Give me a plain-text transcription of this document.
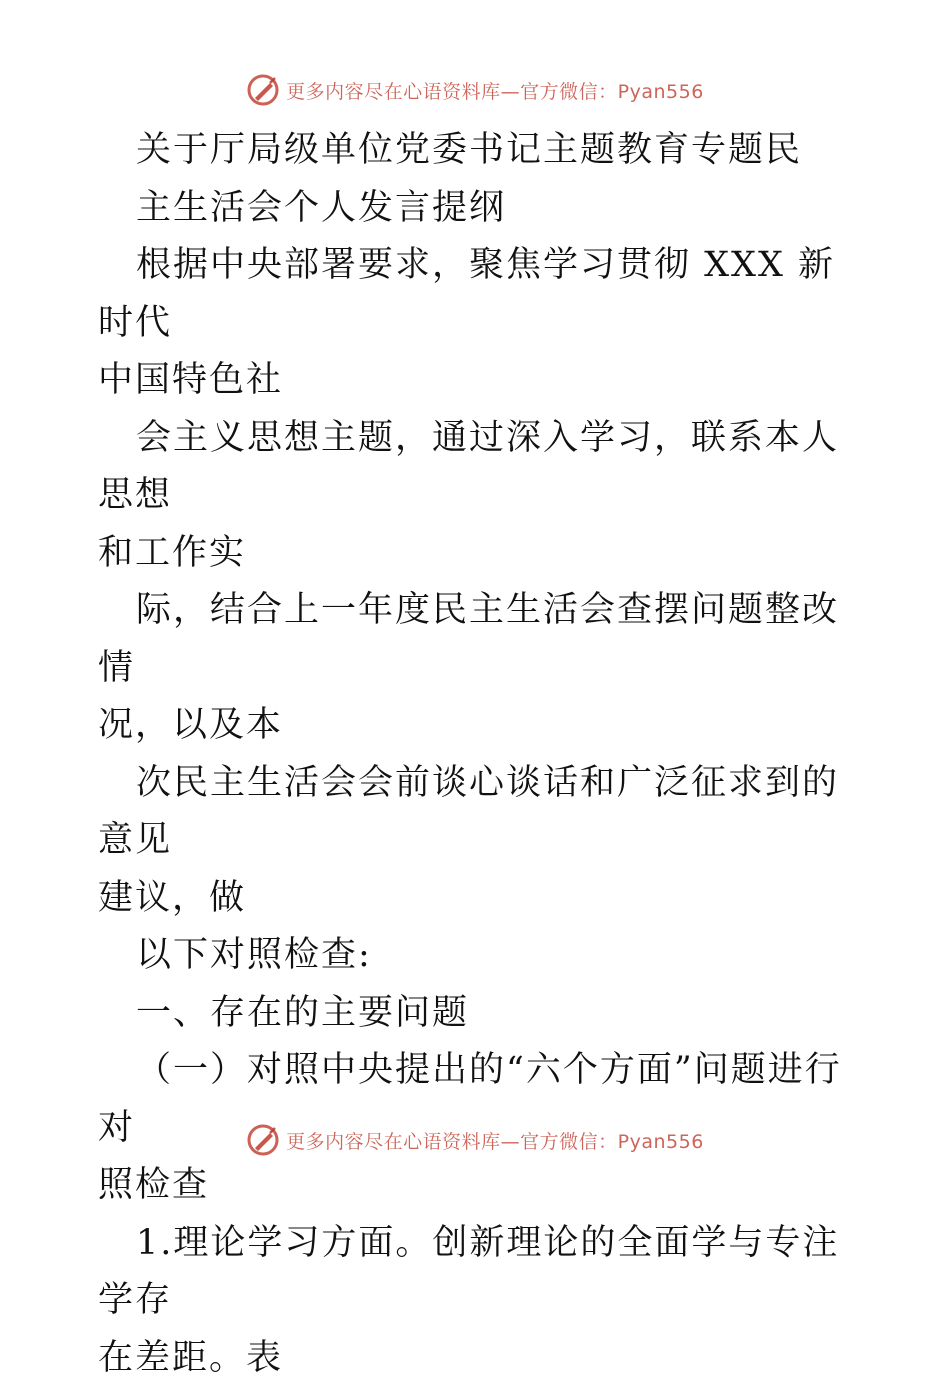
更多内容尽在心语资料库—官方微信：Pyan556

关于厅局级单位党委书记主题教育专题民

主生活会个人发言提纲

根据中央部署要求，聚焦学习贯彻 XXX 新时代

中国特色社

会主义思想主题，通过深入学习，联系本人思想

和工作实

际，结合上一年度民主生活会查摆问题整改情

况，以及本

次民主生活会会前谈心谈话和广泛征求到的意见

建议，做

以下对照检查:

一、存在的主要问题

（一）对照中央提出的“六个方面”问题进行对

照检查

1.理论学习方面。创新理论的全面学与专注学存

在差距。表

更多内容尽在心语资料库—官方微信：Pyan556
